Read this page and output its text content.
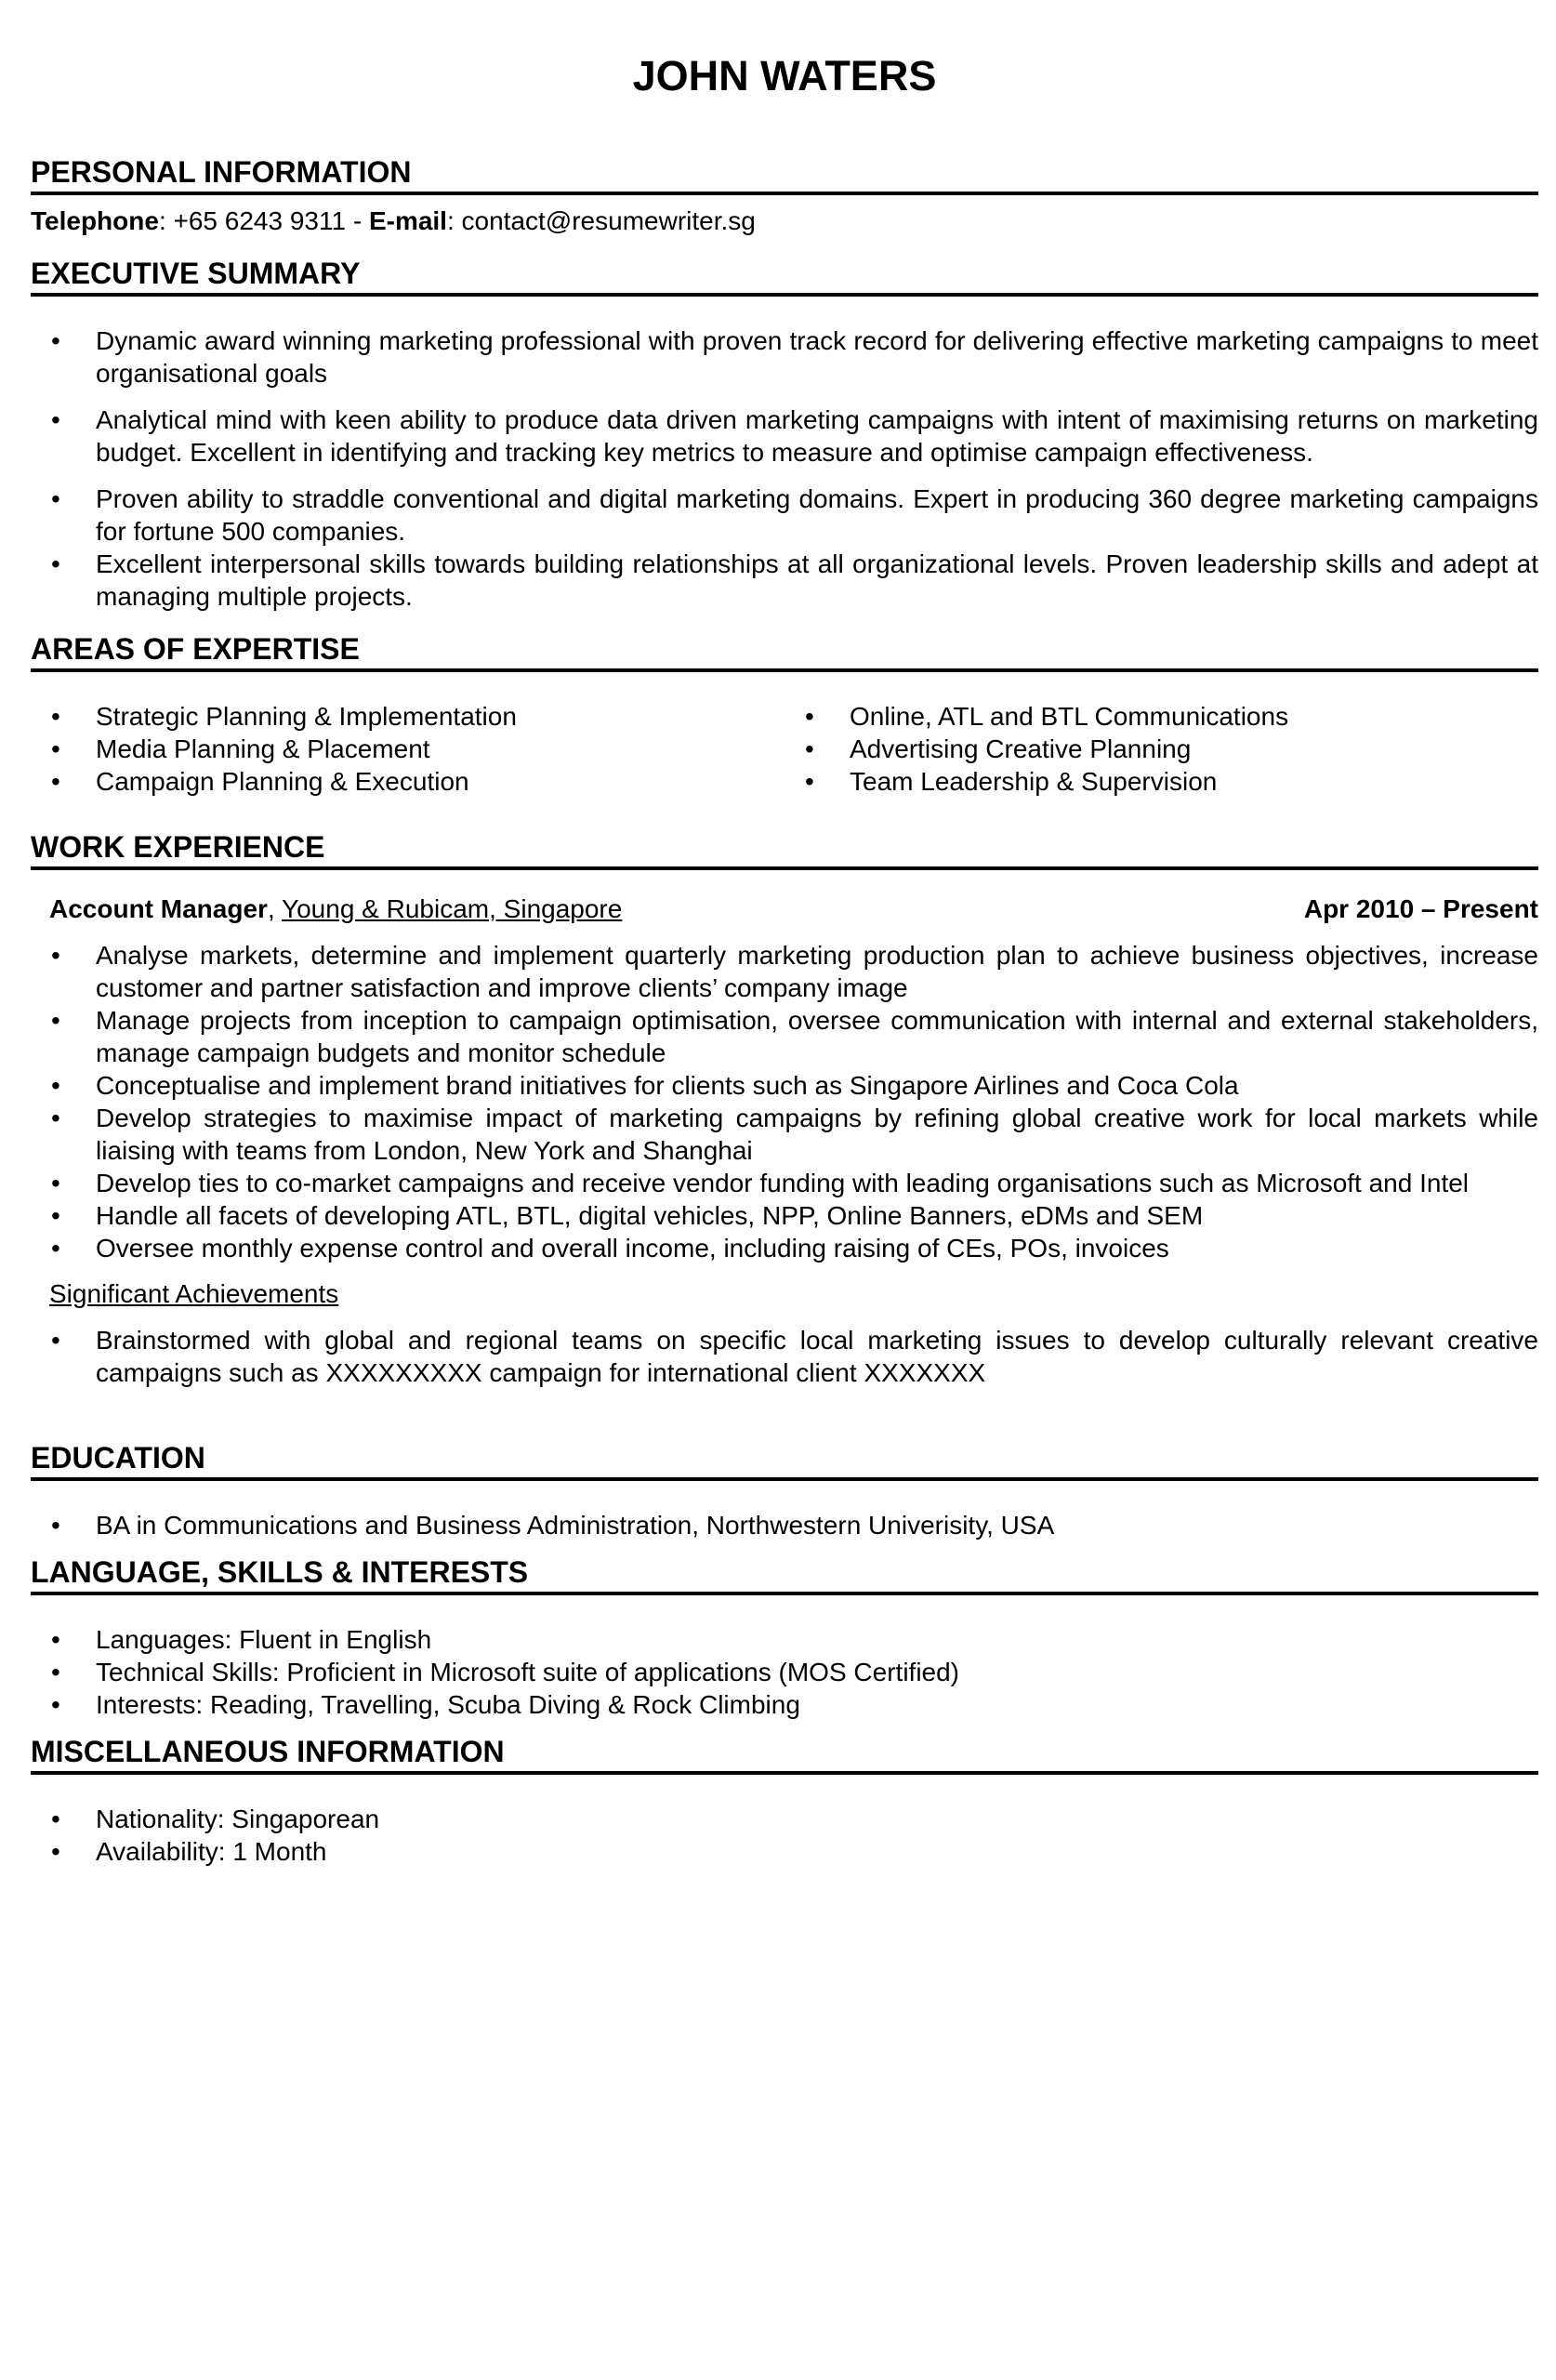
JOHN WATERS
PERSONAL INFORMATION
Telephone: +65 6243 9311 - E-mail: contact@resumewriter.sg
EXECUTIVE SUMMARY
• Dynamic award winning marketing professional with proven track record for delivering effective marketing campaigns to meet organisational goals
• Analytical mind with keen ability to produce data driven marketing campaigns with intent of maximising returns on marketing budget. Excellent in identifying and tracking key metrics to measure and optimise campaign effectiveness.
• Proven ability to straddle conventional and digital marketing domains. Expert in producing 360 degree marketing campaigns for fortune 500 companies.
• Excellent interpersonal skills towards building relationships at all organizational levels. Proven leadership skills and adept at managing multiple projects.
AREAS OF EXPERTISE
• Strategic Planning & Implementation
• Media Planning & Placement
• Campaign Planning & Execution
• Online, ATL and BTL Communications
• Advertising Creative Planning
• Team Leadership & Supervision
WORK EXPERIENCE
Account Manager, Young & Rubicam, Singapore	Apr 2010 – Present
• Analyse markets, determine and implement quarterly marketing production plan to achieve business objectives, increase customer and partner satisfaction and improve clients’ company image
• Manage projects from inception to campaign optimisation, oversee communication with internal and external stakeholders, manage campaign budgets and monitor schedule
• Conceptualise and implement brand initiatives for clients such as Singapore Airlines and Coca Cola
• Develop strategies to maximise impact of marketing campaigns by refining global creative work for local markets while liaising with teams from London, New York and Shanghai
• Develop ties to co-market campaigns and receive vendor funding with leading organisations such as Microsoft and Intel
• Handle all facets of developing ATL, BTL, digital vehicles, NPP, Online Banners, eDMs and SEM
• Oversee monthly expense control and overall income, including raising of CEs, POs, invoices
Significant Achievements
• Brainstormed with global and regional teams on specific local marketing issues to develop culturally relevant creative campaigns such as XXXXXXXXX campaign for international client XXXXXXX
EDUCATION
• BA in Communications and Business Administration, Northwestern Univerisity, USA
LANGUAGE, SKILLS & INTERESTS
• Languages: Fluent in English
• Technical Skills: Proficient in Microsoft suite of applications (MOS Certified)
• Interests: Reading, Travelling, Scuba Diving & Rock Climbing
MISCELLANEOUS INFORMATION
• Nationality: Singaporean
• Availability: 1 Month
